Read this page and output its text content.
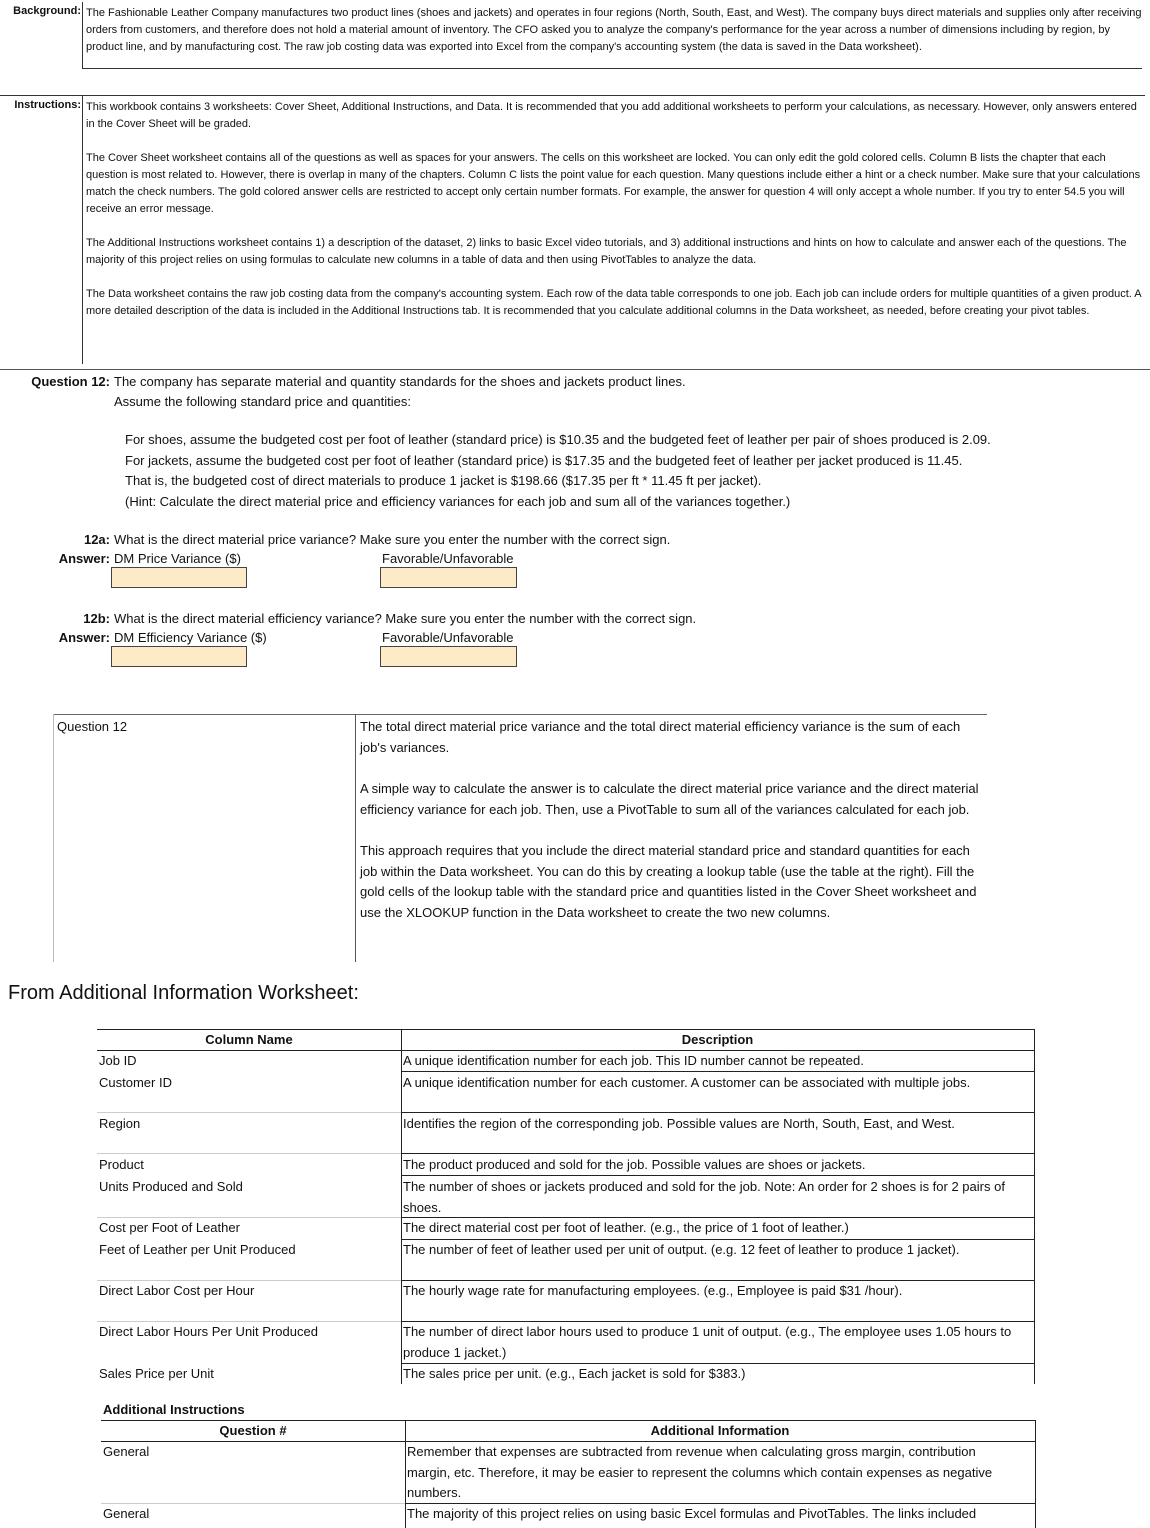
Background: The Fashionable Leather Company manufactures two product lines (shoes and jackets) and operates in four regions (North, South, East, and West). The company buys direct materials and supplies only after receiving orders from customers, and therefore does not hold a material amount of inventory. The CFO asked you to analyze the company's performance for the year across a number of dimensions including by region, by product line, and by manufacturing cost. The raw job costing data was exported into Excel from the company's accounting system (the data is saved in the Data worksheet).
Instructions: This workbook contains 3 worksheets: Cover Sheet, Additional Instructions, and Data. It is recommended that you add additional worksheets to perform your calculations, as necessary. However, only answers entered in the Cover Sheet will be graded.

The Cover Sheet worksheet contains all of the questions as well as spaces for your answers. The cells on this worksheet are locked. You can only edit the gold colored cells. Column B lists the chapter that each question is most related to. However, there is overlap in many of the chapters. Column C lists the point value for each question. Many questions include either a hint or a check number. Make sure that your calculations match the check numbers. The gold colored answer cells are restricted to accept only certain number formats. For example, the answer for question 4 will only accept a whole number. If you try to enter 54.5 you will receive an error message.

The Additional Instructions worksheet contains 1) a description of the dataset, 2) links to basic Excel video tutorials, and 3) additional instructions and hints on how to calculate and answer each of the questions. The majority of this project relies on using formulas to calculate new columns in a table of data and then using PivotTables to analyze the data.

The Data worksheet contains the raw job costing data from the company's accounting system. Each row of the data table corresponds to one job. Each job can include orders for multiple quantities of a given product. A more detailed description of the data is included in the Additional Instructions tab. It is recommended that you calculate additional columns in the Data worksheet, as needed, before creating your pivot tables.

Question 12: The company has separate material and quantity standards for the shoes and jackets product lines.
Assume the following standard price and quantities:
For shoes, assume the budgeted cost per foot of leather (standard price) is $10.35 and the budgeted feet of leather per pair of shoes produced is 2.09.
For jackets, assume the budgeted cost per foot of leather (standard price) is $17.35 and the budgeted feet of leather per jacket produced is 11.45.
That is, the budgeted cost of direct materials to produce 1 jacket is $198.66 ($17.35 per ft * 11.45 ft per jacket).
(Hint: Calculate the direct material price and efficiency variances for each job and sum all of the variances together.)
12a: What is the direct material price variance? Make sure you enter the number with the correct sign.
Answer: DM Price Variance ($)	Favorable/Unfavorable
12b: What is the direct material efficiency variance? Make sure you enter the number with the correct sign.
Answer: DM Efficiency Variance ($)	Favorable/Unfavorable
Question 12	The total direct material price variance and the total direct material efficiency variance is the sum of each job's variances.

A simple way to calculate the answer is to calculate the direct material price variance and the direct material efficiency variance for each job. Then, use a PivotTable to sum all of the variances calculated for each job.

This approach requires that you include the direct material standard price and standard quantities for each job within the Data worksheet. You can do this by creating a lookup table (use the table at the right). Fill the gold cells of the lookup table with the standard price and quantities listed in the Cover Sheet worksheet and use the XLOOKUP function in the Data worksheet to create the two new columns.

From Additional Information Worksheet:
Column Name	Description
Job ID	A unique identification number for each job. This ID number cannot be repeated.
Customer ID	A unique identification number for each customer. A customer can be associated with multiple jobs.
Region	Identifies the region of the corresponding job. Possible values are North, South, East, and West.
Product	The product produced and sold for the job. Possible values are shoes or jackets.
Units Produced and Sold	The number of shoes or jackets produced and sold for the job. Note: An order for 2 shoes is for 2 pairs of shoes.
Cost per Foot of Leather	The direct material cost per foot of leather. (e.g., the price of 1 foot of leather.)
Feet of Leather per Unit Produced	The number of feet of leather used per unit of output. (e.g. 12 feet of leather to produce 1 jacket).
Direct Labor Cost per Hour	The hourly wage rate for manufacturing employees. (e.g., Employee is paid $31 /hour).
Direct Labor Hours Per Unit Produced	The number of direct labor hours used to produce 1 unit of output. (e.g., The employee uses 1.05 hours to produce 1 jacket.)
Sales Price per Unit	The sales price per unit. (e.g., Each jacket is sold for $383.)
Additional Instructions
Question #	Additional Information
General	Remember that expenses are subtracted from revenue when calculating gross margin, contribution margin, etc. Therefore, it may be easier to represent the columns which contain expenses as negative numbers.
General	The majority of this project relies on using basic Excel formulas and PivotTables. The links included
